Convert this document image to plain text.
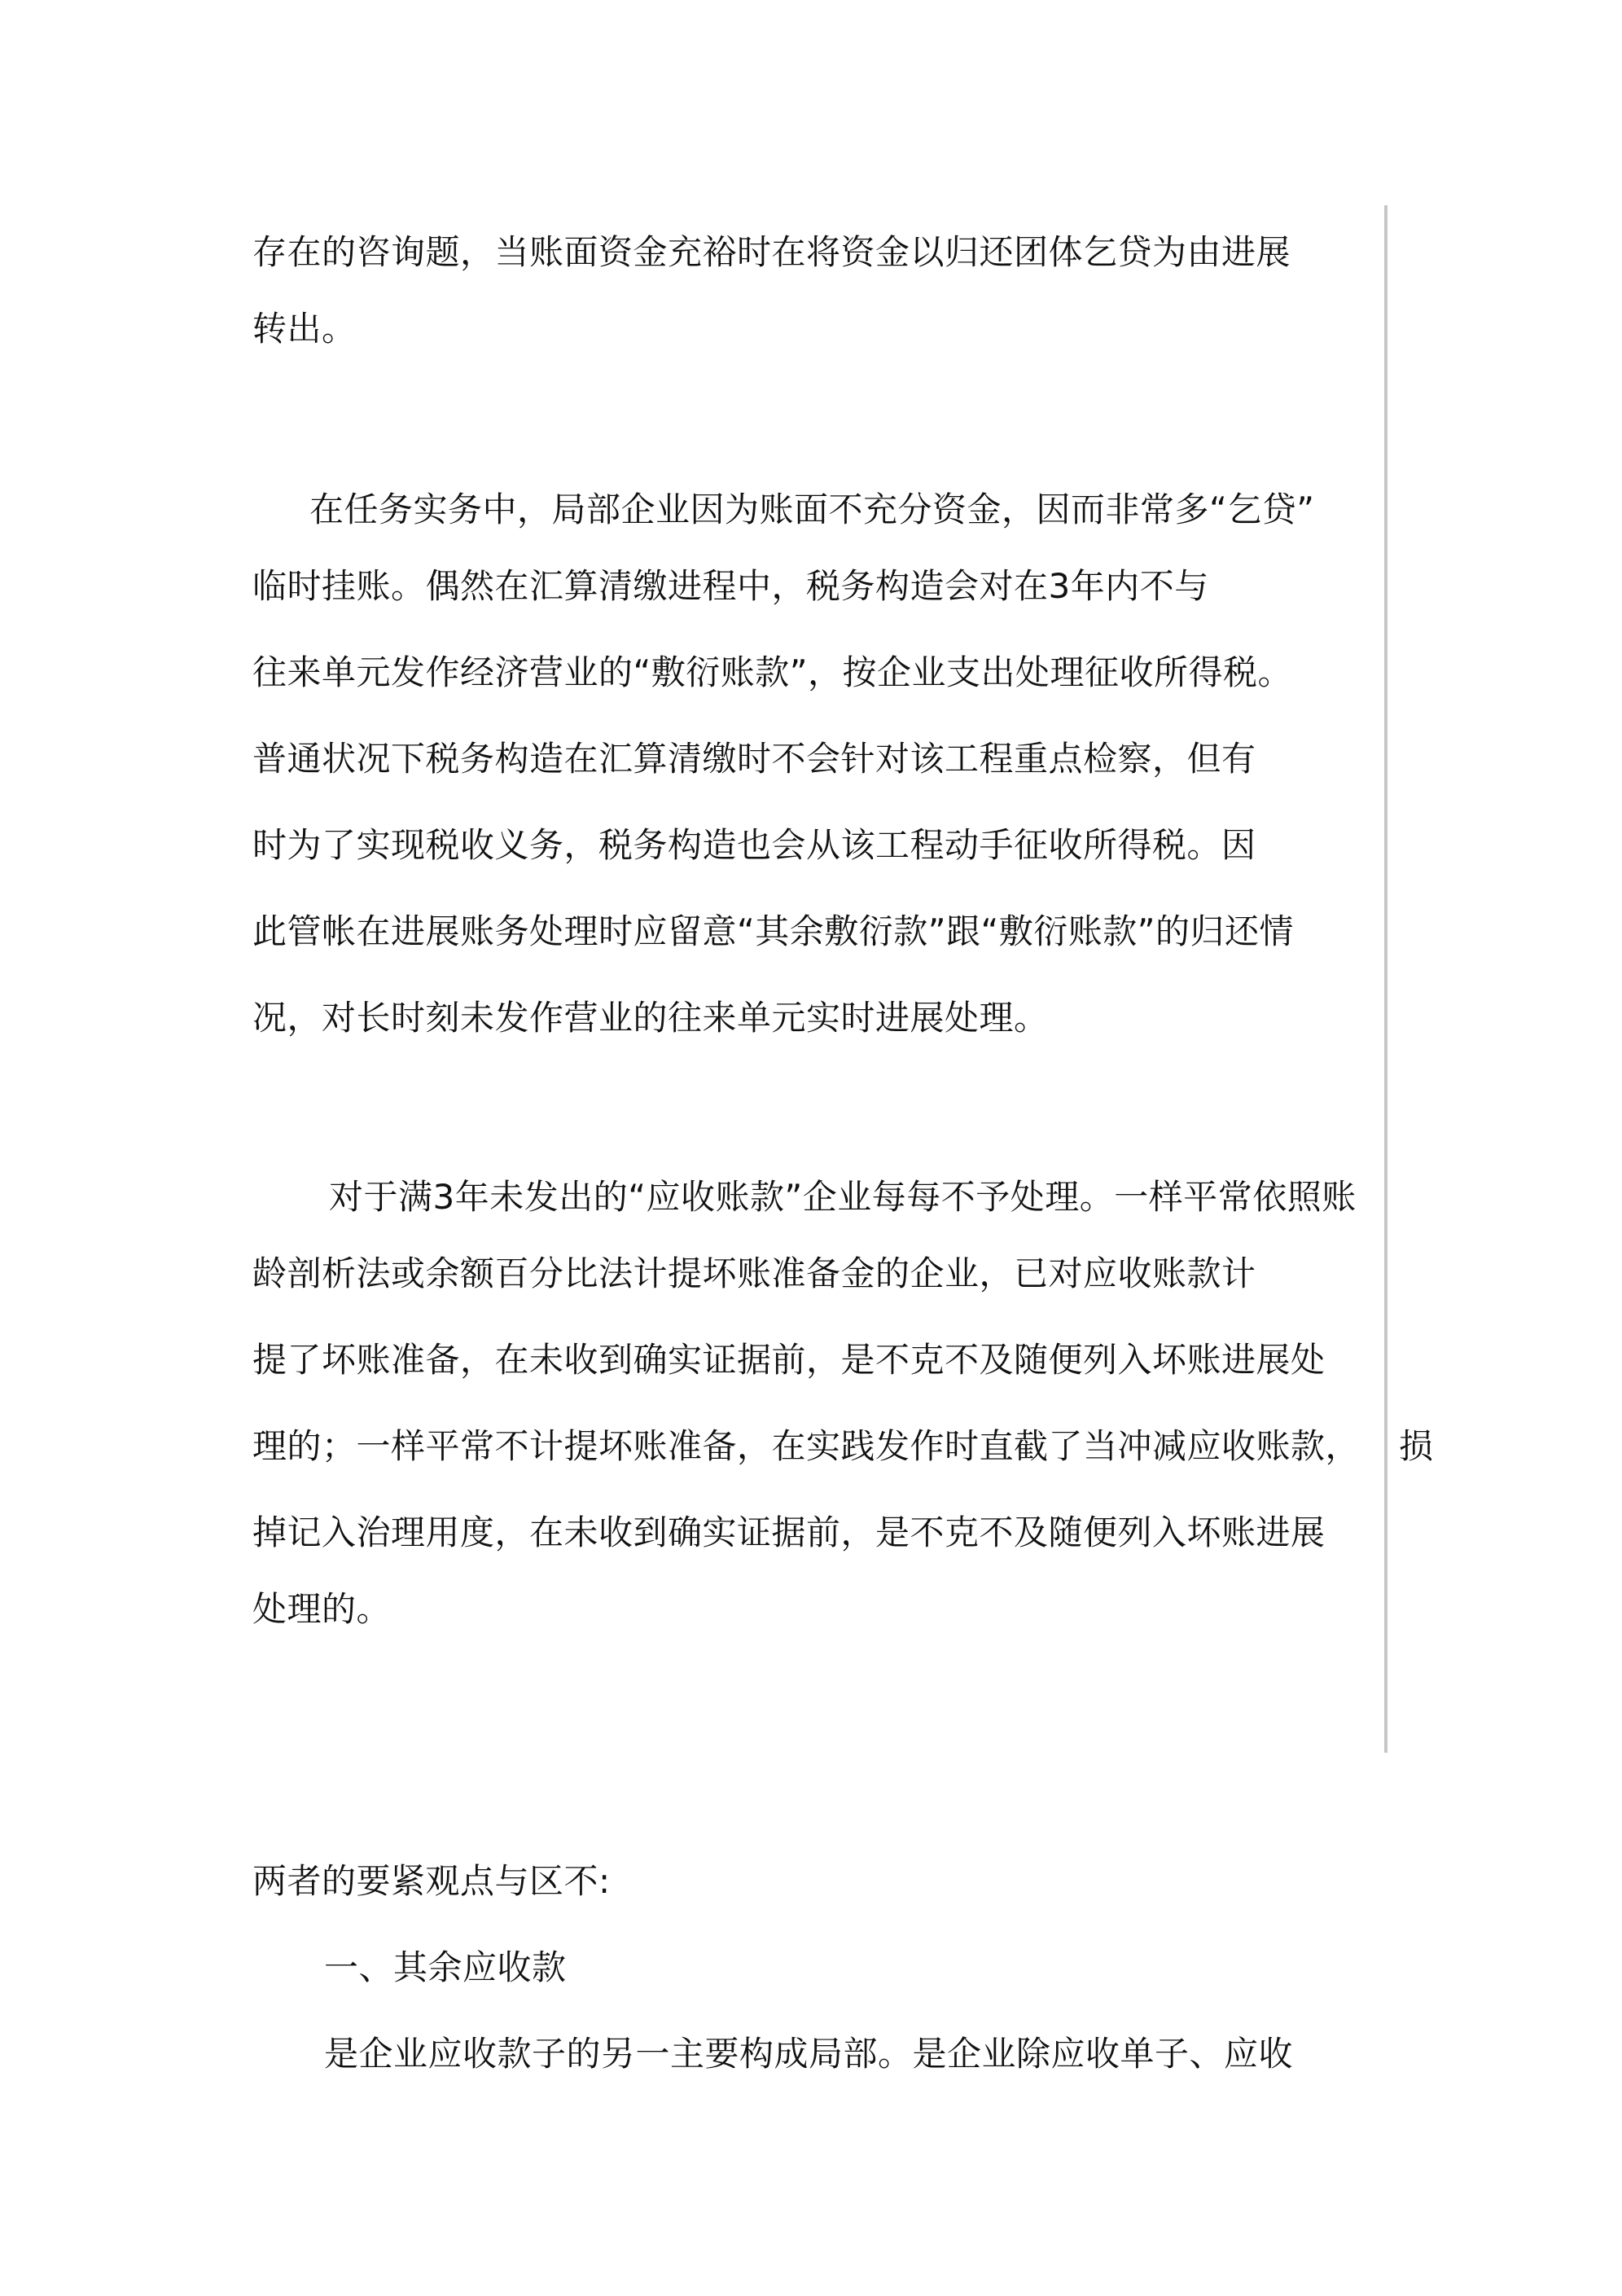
存在的咨询题，当账面资金充裕时在将资金以归还团体乞贷为由进展
转出。
在任务实务中，局部企业因为账面不充分资金，因而非常多“乞贷”
临时挂账。偶然在汇算清缴进程中，税务构造会对在3年内不与
往来单元发作经济营业的“敷衍账款”，按企业支出处理征收所得税。
普通状况下税务构造在汇算清缴时不会针对该工程重点检察，但有
时为了实现税收义务，税务构造也会从该工程动手征收所得税。因
此管帐在进展账务处理时应留意“其余敷衍款”跟“敷衍账款”的归还情
况，对长时刻未发作营业的往来单元实时进展处理。
对于满3年未发出的“应收账款”企业每每不予处理。一样平常依照账
龄剖析法或余额百分比法计提坏账准备金的企业，已对应收账款计
提了坏账准备，在未收到确实证据前，是不克不及随便列入坏账进展处
理的；一样平常不计提坏账准备，在实践发作时直截了当冲减应收账款， 损
掉记入治理用度，在未收到确实证据前，是不克不及随便列入坏账进展
处理的。
两者的要紧观点与区不:
一、其余应收款
是企业应收款子的另一主要构成局部。是企业除应收单子、应收
